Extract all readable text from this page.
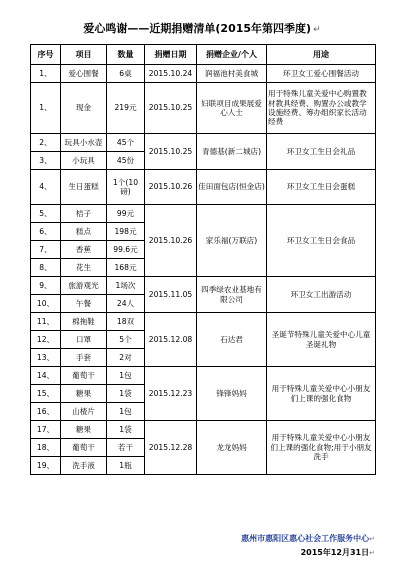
爱心鸣谢——近期捐赠清单(2015年第四季度) ↵
序号	项目	数量	捐赠日期	捐赠企业/个人	用途
1、	爱心围餐	6桌	2015.10.24	润福池村美食城	环卫女工爱心围餐活动
1、	现金	219元	2015.10.25	妇联项目成果展爱心人士	用于特殊儿童关爱中心购置教材教具经费、购置办公或教学设施经费、筹办组织家长活动经费
2、	玩具小水壶	45个	2015.10.25	青德基(新二城店)	环卫女工生日会礼品
3、	小玩具	45份			
4、	生日蛋糕	1个(10磅)	2015.10.26	佳田面包店(恒金店)	环卫女工生日会蛋糕
5、	桔子	99元	2015.10.26	家乐福(万联店)	环卫女工生日会食品
6、	糕点	198元			
7、	香蕉	99.6元			
8、	花生	168元			
9、	旅游观光	1场次	2015.11.05	四季绿农业基地有限公司	环卫女工出游活动
10、	午餐	24人			
11、	棉拖鞋	18双	2015.12.08	石达君	圣诞节特殊儿童关爱中心儿童圣诞礼物
12、	口罩	5个			
13、	手套	2对			
14、	葡萄干	1包	2015.12.23	锋锋妈妈	用于特殊儿童关爱中心小朋友们上课的强化食物
15、	糖果	1袋			
16、	山楂片	1包			
17、	糖果	1袋	2015.12.28	龙龙妈妈	用于特殊儿童关爱中心小朋友们上课的强化食物;用于小朋友洗手
18、	葡萄干	若干			
19、	洗手液	1瓶			
惠州市惠阳区惠心社会工作服务中心↵
2015年12月31日↵
